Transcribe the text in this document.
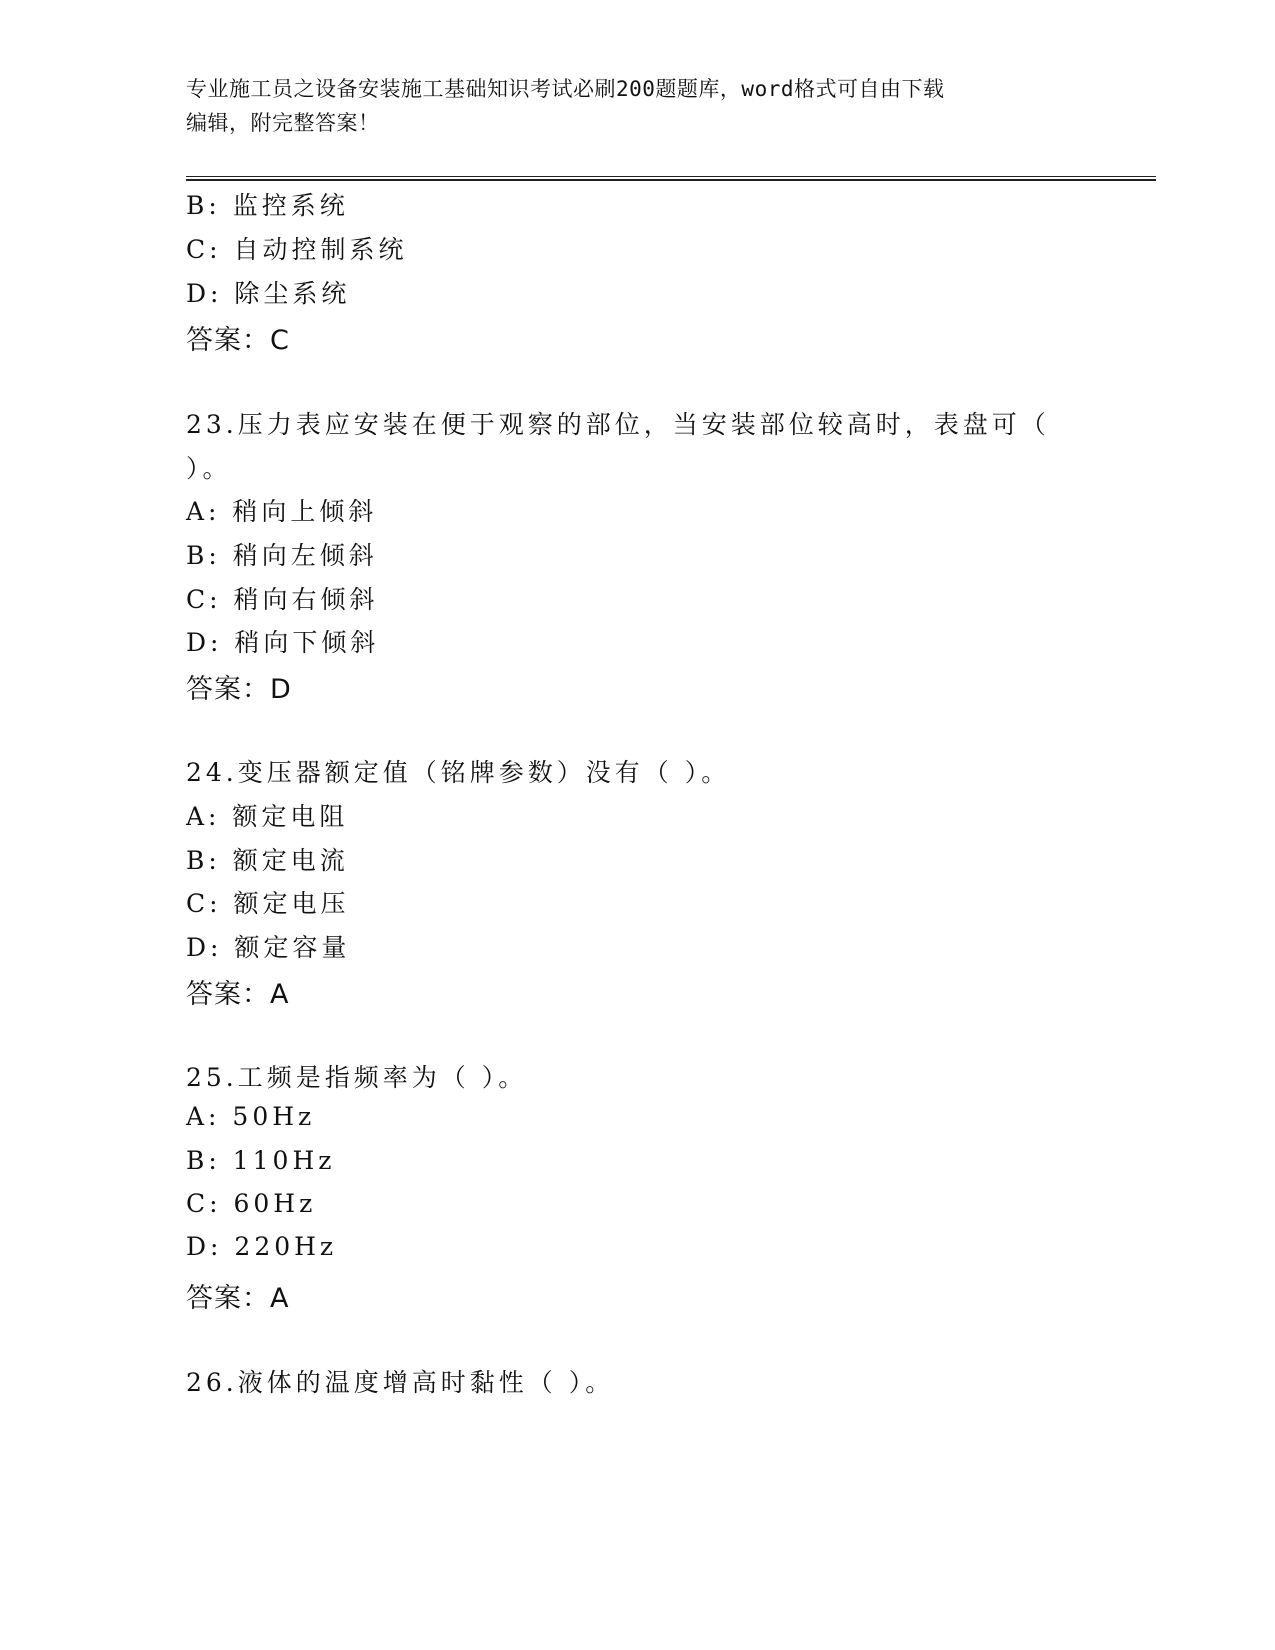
专业施工员之设备安装施工基础知识考试必刷200题题库，word格式可自由下载
编辑，附完整答案！
B: 监控系统
C: 自动控制系统
D: 除尘系统
答案：C
23.压力表应安装在便于观察的部位，当安装部位较高时，表盘可（
）。
A: 稍向上倾斜
B: 稍向左倾斜
C: 稍向右倾斜
D: 稍向下倾斜
答案：D
24.变压器额定值（铭牌参数）没有（ ）。
A: 额定电阻
B: 额定电流
C: 额定电压
D: 额定容量
答案：A
25.工频是指频率为（ ）。
A: 50Hz
B: 110Hz
C: 60Hz
D: 220Hz
答案：A
26.液体的温度增高时黏性（ ）。
